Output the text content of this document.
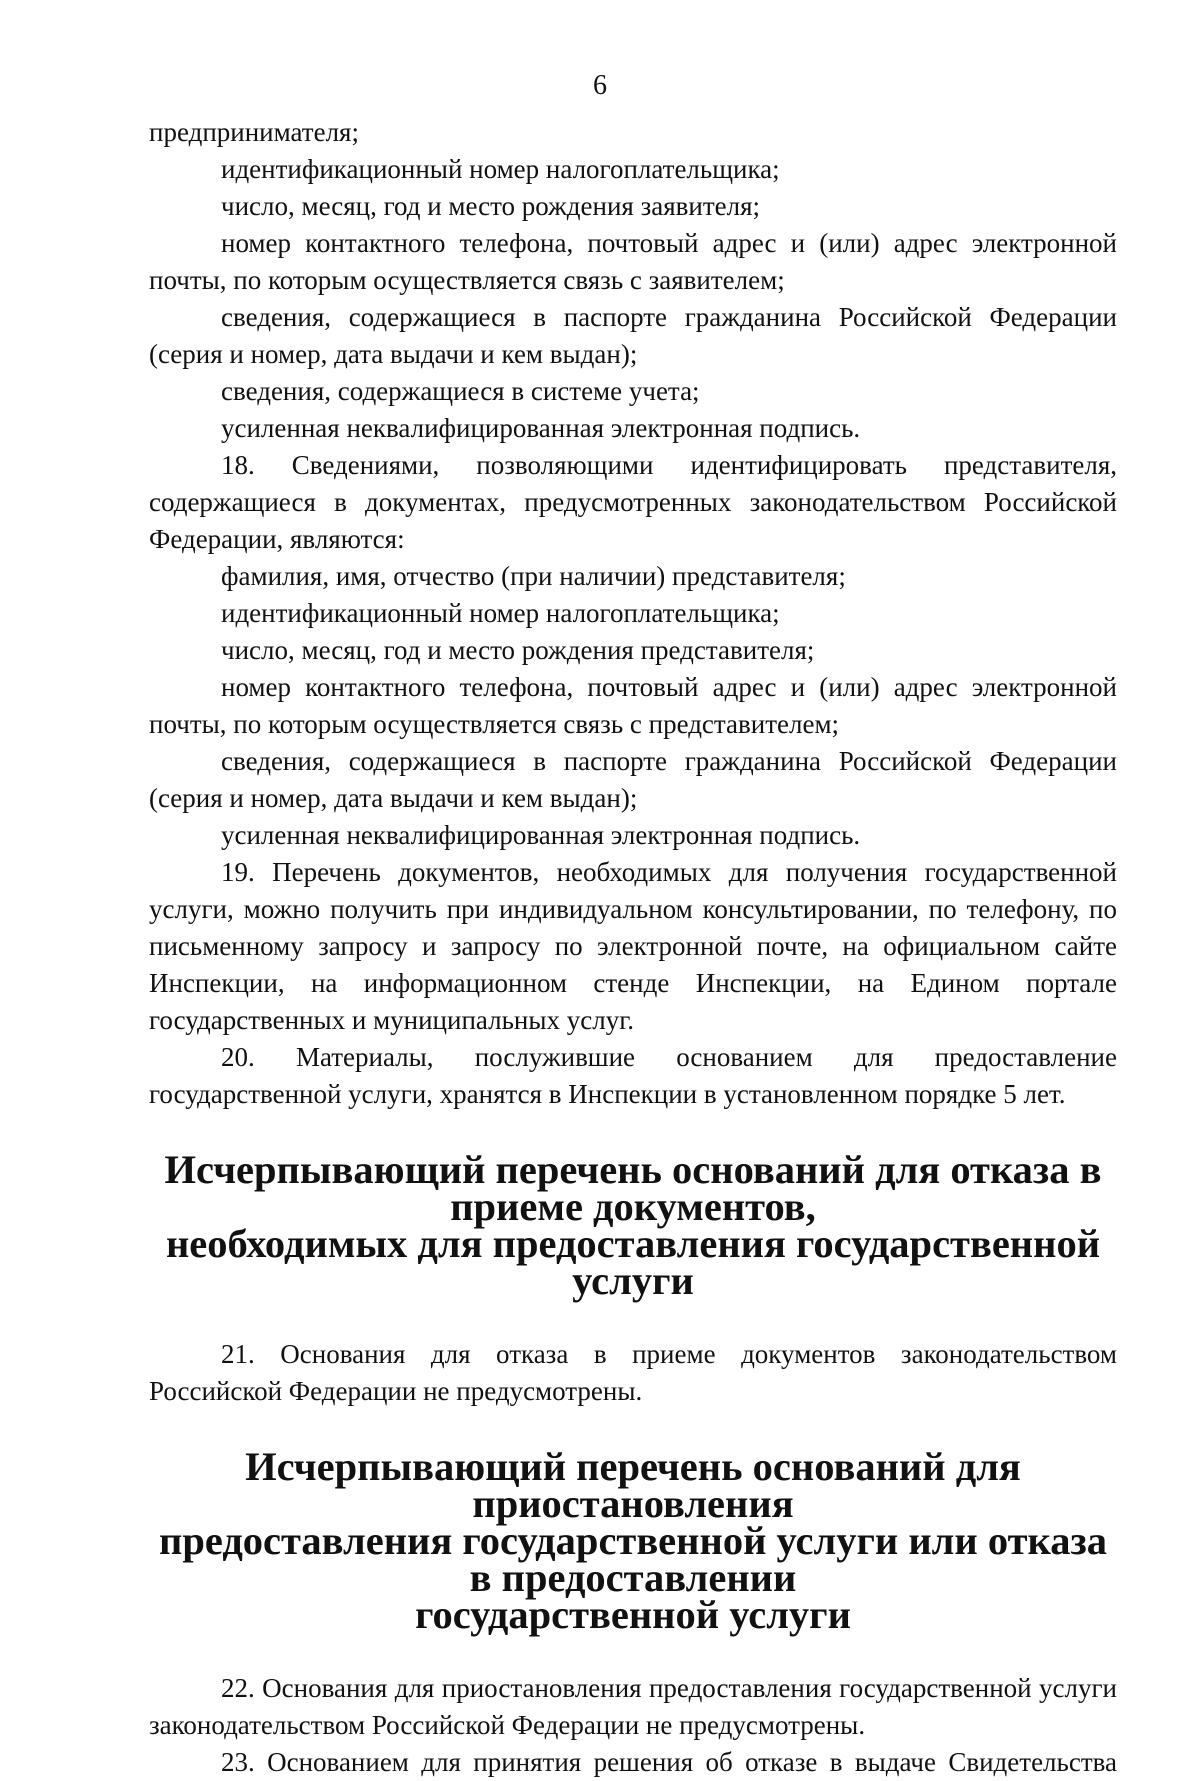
6

предпринимателя;

идентификационный номер налогоплательщика;

число, месяц, год и место рождения заявителя;

номер контактного телефона, почтовый адрес и (или) адрес электронной почты, по которым осуществляется связь с заявителем;

сведения, содержащиеся в паспорте гражданина Российской Федерации (серия и номер, дата выдачи и кем выдан);

сведения, содержащиеся в системе учета;

усиленная неквалифицированная электронная подпись.

18. Сведениями, позволяющими идентифицировать представителя, содержащиеся в документах, предусмотренных законодательством Российской Федерации, являются:

фамилия, имя, отчество (при наличии) представителя;

идентификационный номер налогоплательщика;

число, месяц, год и место рождения представителя;

номер контактного телефона, почтовый адрес и (или) адрес электронной почты, по которым осуществляется связь с представителем;

сведения, содержащиеся в паспорте гражданина Российской Федерации (серия и номер, дата выдачи и кем выдан);

усиленная неквалифицированная электронная подпись.

19. Перечень документов, необходимых для получения государственной услуги, можно получить при индивидуальном консультировании, по телефону, по письменному запросу и запросу по электронной почте, на официальном сайте Инспекции, на информационном стенде Инспекции, на Едином портале государственных и муниципальных услуг.

20. Материалы, послужившие основанием для предоставление государственной услуги, хранятся в Инспекции в установленном порядке 5 лет.

Исчерпывающий перечень оснований для отказа в приеме документов,
необходимых для предоставления государственной услуги

21. Основания для отказа в приеме документов законодательством Российской Федерации не предусмотрены.

Исчерпывающий перечень оснований для приостановления
предоставления государственной услуги или отказа в предоставлении
государственной услуги

22. Основания для приостановления предоставления государственной услуги законодательством Российской Федерации не предусмотрены.

23. Основанием для принятия решения об отказе в выдаче Свидетельства
